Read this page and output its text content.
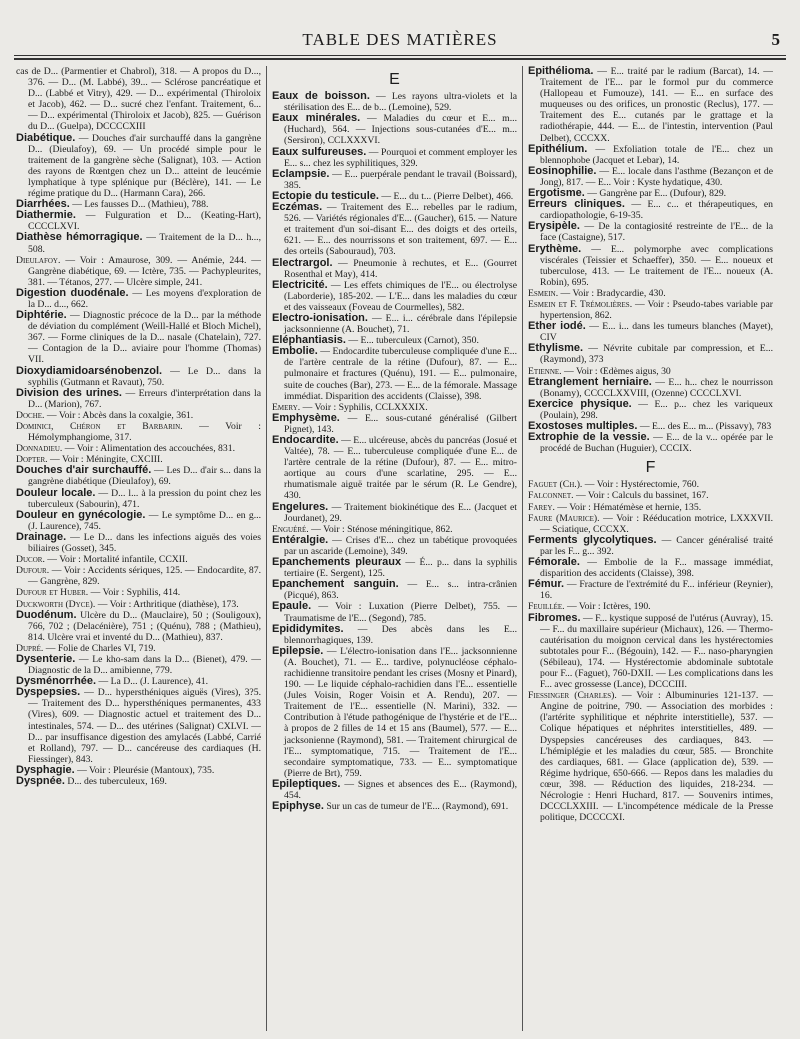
TABLE DES MATIÈRES	5

cas de D... (Parmentier et Chabrol), 318. — A propos du D..., 376. — D... (M. Labbé), 39... — Sclérose pancréatique et D... (Labbé et Vitry), 429. — D... expérimental (Thiroloix et Jacob), 462. — D... sucré chez l'enfant. Traitement, 6... — D... expérimental (Thiroloix et Jacob), 825. — Guérison du D... (Guelpa), DCCCCXIII

Diabétique. — Douches d'air surchauffé dans la gangrène D... (Dieulafoy), 69. — Un procédé simple pour le traitement de la gangrène sèche (Salignat), 103. — Action des rayons de Rœntgen chez un D... atteint de leucémie lymphatique à type splénique pur (Béclère), 141. — Le régime pratique du D... (Harmann Cara), 266.

Diarrhées. — Les fausses D... (Mathieu), 788.

Diathermie. — Fulguration et D... (Keating-Hart), CCCCLXVI.

Diathèse hémorragique. — Traitement de la D... h..., 508.

Dieulafoy. — Voir : Amaurose, 309. — Anémie, 244. — Gangrène diabétique, 69. — Ictère, 735. — Pachypleurites, 381. — Tétanos, 277. — Ulcère simple, 241.

Digestion duodénale. — Les moyens d'exploration de la D... d..., 662.

Diphtérie. — Diagnostic précoce de la D... par la méthode de déviation du complément (Weill-Hallé et Bloch Michel), 367. — Forme cliniques de la D... nasale (Chatelain), 727. — Contagion de la D... aviaire pour l'homme (Thomas) VII.

Dioxydiamidoarsénobenzol. — Le D... dans la syphilis (Gutmann et Ravaut), 750.

Division des urines. — Erreurs d'interprétation dans la D... (Marion), 767.

Doche. — Voir : Abcès dans la coxalgie, 361.

Dominici, Chéron et Barbarin. — Voir : Hémolymphangiome, 317.

Donnadieu. — Voir : Alimentation des accouchées, 831.

Dopter. — Voir : Méningite, CXCIII.

Douches d'air surchauffé. — Les D... d'air s... dans la gangrène diabétique (Dieulafoy), 69.

Douleur locale. — D... l... à la pression du point chez les tuberculeux (Sabourin), 471.

Douleur en gynécologie. — Le symptôme D... en g... (J. Laurence), 745.

Drainage. — Le D... dans les infections aiguës des voies biliaires (Gosset), 345.

Ducor. — Voir : Mortalité infantile, CCXII.

Dufour. — Voir : Accidents sériques, 125. — Endocardite, 87. — Gangrène, 829.

Dufour et Huber. — Voir : Syphilis, 414.

Duckworth (Dyce). — Voir : Arthritique (diathèse), 173.

Duodénum. Ulcère du D... (Mauclaire), 50 ; (Souligoux), 766, 702 ; (Delacénière), 751 ; (Quénu), 788 ; (Mathieu), 814. Ulcère vrai et inventé du D... (Mathieu), 837.

Dupré. — Folie de Charles VI, 719.

Dysenterie. — Le kho-sam dans la D... (Bienet), 479. — Diagnostic de la D... amibienne, 779.

Dysménorrhée. — La D... (J. Laurence), 41.

Dyspepsies. — D... hypersthéniques aiguës (Vires), 3?5. — Traitement des D... hypersthéniques permanentes, 433 (Vires), 609. — Diagnostic actuel et traitement des D... intestinales, 574. — D... des utérines (Salignat) CXLVI. — D... par insuffisance digestion des amylacés (Labbé, Carrié et Rolland), 797. — D... cancéreuse des cardiaques (H. Fiessinger), 843.

Dysphagie. — Voir : Pleurésie (Mantoux), 735.

Dyspnée. D... des tuberculeux, 169.

E

Eaux de boisson. — Les rayons ultra-violets et la stérilisation des E... de b... (Lemoine), 529.

Eaux minérales. — Maladies du cœur et E... m... (Huchard), 564. — Injections sous-cutanées d'E... m... (Sersiron), CCLXXXVI.

Eaux sulfureuses. — Pourquoi et comment employer les E... s... chez les syphilitiques, 329.

Eclampsie. — E... puerpérale pendant le travail (Boissard), 385.

Ectopie du testicule. — E... du t... (Pierre Delbet), 466.

Eczémas. — Traitement des E... rebelles par le radium, 526. — Variétés régionales d'E... (Gaucher), 615. — Nature et traitement d'un soi-disant E... des doigts et des orteils, 621. — E... des nourrissons et son traitement, 697. — E... des orteils (Sabouraud), 703.

Electrargol. — Pneumonie à rechutes, et E... (Gourret Rosenthal et May), 414.

Electricité. — Les effets chimiques de l'E... ou électrolyse (Laborderie), 185-202. — L'E... dans les maladies du cœur et des vaisseaux (Foveau de Courmelles), 582.

Electro-ionisation. — E... i... cérébrale dans l'épilepsie jacksonnienne (A. Bouchet), 71.

Eléphantiasis. — E... tuberculeux (Carnot), 350.

Embolie. — Endocardite tuberculeuse compliquée d'une E... de l'artère centrale de la rétine (Dufour), 87. — E... pulmonaire et fractures (Quénu), 191. — E... pulmonaire, suite de couches (Bar), 273. — E... de la fémorale. Massage immédiat. Disparition des accidents (Claisse), 398.

Emery. — Voir : Syphilis, CCLXXXIX.

Emphysème. — E... sous-cutané généralisé (Gilbert Pignet), 143.

Endocardite. — E... ulcéreuse, abcès du pancréas (Josué et Valtée), 78. — E... tuberculeuse compliquée d'une E... de l'artère centrale de la rétine (Dufour), 87. — E... mitro-aortique au cours d'une scarlatine, 295. — E... rhumatismale aiguë traitée par le sérum (R. Le Gendre), 430.

Engelures. — Traitement biokinétique des E... (Jacquet et Jourdanet), 29.

Enguéré. — Voir : Sténose méningitique, 862.

Entéralgie. — Crises d'E... chez un tabétique provoquées par un ascaride (Lemoine), 349.

Epanchements pleuraux — É... p... dans la syphilis tertiaire (E. Sergent), 125.

Epanchement sanguin. — E... s... intra-crânien (Picqué), 863.

Epaule. — Voir : Luxation (Pierre Delbet), 755. — Traumatisme de l'E... (Segond), 785.

Epididymites. — Des abcès dans les E... blennorrhagiques, 139.

Epilepsie. — L'électro-ionisation dans l'E... jacksonnienne (A. Bouchet), 71. — E... tardive, polynucléose céphalo-rachidienne transitoire pendant les crises (Mosny et Pinard), 190. — Le liquide céphalo-rachidien dans l'E... essentielle (Jules Voisin, Roger Voisin et A. Rendu), 207. — Traitement de l'E... essentielle (N. Marini), 332. — Contribution à l'étude pathogénique de l'hystérie et de l'E... à propos de 2 filles de 14 et 15 ans (Baumel), 577. — E... jacksonienne (Raymond), 581. — Traitement chirurgical de l'E... symptomatique, 715. — Traitement de l'E... secondaire symptomatique, 733. — E... symptomatique (Pierre de Brt), 759.

Epileptiques. — Signes et absences des E... (Raymond), 454.

Epiphyse. Sur un cas de tumeur de l'E... (Raymond), 691.

Epithélioma. — E... traité par le radium (Barcat), 14. — Traitement de l'E... par le formol pur du commerce (Hallopeau et Fumouze), 141. — E... en surface des muqueuses ou des orifices, un pronostic (Reclus), 177. — Traitement des E... cutanés par le grattage et la radiothérapie, 444. — E... de l'intestin, intervention (Paul Delbet), CCCXX.

Epithélium. — Exfoliation totale de l'E... chez un blennophobe (Jacquet et Lebar), 14.

Eosinophilie. — E... locale dans l'asthme (Bezançon et de Jong), 817. — E... Voir : Kyste hydatique, 430.

Ergotisme. — Gangrène par E... (Dufour), 829.

Erreurs cliniques. — E... c... et thérapeutiques, en cardiopathologie, 6-19-35.

Erysipèle. — De la contagiosité restreinte de l'E... de la face (Castaigne), 517.

Erythème. — E... polymorphe avec complications viscérales (Teissier et Schaeffer), 350. — E... noueux et tuberculose, 413. — Le traitement de l'E... noueux (A. Robin), 695.

Esmein. — Voir : Bradycardie, 430.

Esmein et F. Trémolières. — Voir : Pseudo-tabes variable par hypertension, 862.

Ether iodé. — E... i... dans les tumeurs blanches (Mayet), CIV

Ethylisme. — Névrite cubitale par compression, et E... (Raymond), 373

Etienne. — Voir : Œdèmes aigus, 30

Etranglement herniaire. — E... h... chez le nourrisson (Bonamy), CCCCLXXVIII, (Ozenne) CCCCLXVI.

Exercice physique. — E... p... chez les variqueux (Poulain), 298.

Exostoses multiples. — E... des E... m... (Pissavy), 783

Extrophie de la vessie. — E... de la v... opérée par le procédé de Buchan (Huguier), CCCIX.

F

Faguet (Ch.). — Voir : Hystérectomie, 760.

Falconnet. — Voir : Calculs du bassinet, 167.

Farey. — Voir : Hématémèse et hernie, 135.

Faure (Maurice). — Voir : Rééducation motrice, LXXXVII. — Sciatique, CCCXX.

Ferments glycolytiques. — Cancer généralisé traité par les F... g... 392.

Fémorale. — Embolie de la F... massage immédiat, disparition des accidents (Claisse), 398.

Fémur. — Fracture de l'extrémité du F... inférieur (Reynier), 16.

Feuillée. — Voir : Ictères, 190.

Fibromes. — F... kystique supposé de l'utérus (Auvray), 15. — F... du maxillaire supérieur (Michaux), 126. — Thermo-cautérisation du moignon cervical dans les hystérectomies subtotales pour F... (Bégouin), 142. — F... naso-pharyngien (Sébileau), 174. — Hystérectomie abdominale subtotale pour F... (Faguet), 760-DXII. — Les complications dans les F... avec grossesse (Lance), DCCCIII.

Fiessinger (Charles). — Voir : Albuminuries 121-137. — Angine de poitrine, 790. — Association des morbides : (l'artérite syphilitique et néphrite interstitielle), 537. — Colique hépatiques et néphrites interstitielles, 489. — Dyspepsies cancéreuses des cardiaques, 843. — L'hémiplégie et les maladies du cœur, 585. — Bronchite des cardiaques, 681. — Glace (application de), 539. — Régime hydrique, 650-666. — Repos dans les maladies du cœur, 398. — Réduction des liquides, 218-234. — Nécrologie : Henri Huchard, 817. — Souvenirs intimes, DCCCLXXIII. — L'incompétence médicale de la Presse politique, DCCCCXI.
